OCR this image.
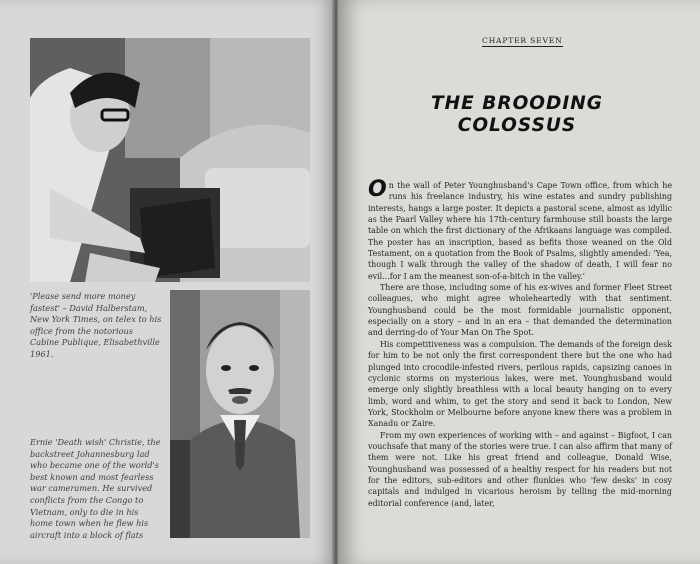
'Please send more money fastest' – David Halberstam, New York Times, on telex to his office from the notorious Cabine Publique, Elisabethville 1961.
Ernie 'Death wish' Christie, the backstreet Johannesburg lad who became one of the world's best known and most fearless war cameramen. He survived conflicts from the Congo to Vietnam, only to die in his home town when he flew his aircraft into a block of flats
CHAPTER SEVEN
THE BROODING
COLOSSUS

On the wall of Peter Younghusband's Cape Town office, from which he runs his freelance industry, his wine estates and sundry publishing interests, hangs a large poster. It depicts a pastoral scene, almost as idyllic as the Paarl Valley where his 17th-century farmhouse still boasts the large table on which the first dictionary of the Afrikaans language was compiled. The poster has an inscription, based as befits those weaned on the Old Testament, on a quotation from the Book of Psalms, slightly amended: 'Yea, though I walk through the valley of the shadow of death, I will fear no evil...for I am the meanest son-of-a-bitch in the valley.'

There are those, including some of his ex-wives and former Fleet Street colleagues, who might agree wholeheartedly with that sentiment. Younghusband could be the most formidable journalistic opponent, especially on a story – and in an era – that demanded the determination and derring-do of Your Man On The Spot.

His competitiveness was a compulsion. The demands of the foreign desk for him to be not only the first correspondent there but the one who had plunged into crocodile-infested rivers, perilous rapids, capsizing canoes in cyclonic storms on mysterious lakes, were met. Younghusband would emerge only slightly breathless with a local beauty hanging on to every limb, word and whim, to get the story and send it back to London, New York, Stockholm or Melbourne before anyone knew there was a problem in Xanadu or Zaire.

From my own experiences of working with – and against – Bigfoot, I can vouchsafe that many of the stories were true. I can also affirm that many of them were not. Like his great friend and colleague, Donald Wise, Younghusband was possessed of a healthy respect for his readers but not for the editors, sub-editors and other flunkies who 'few desks' in cosy capitals and indulged in vicarious heroism by telling the mid-morning editorial conference (and, later,
